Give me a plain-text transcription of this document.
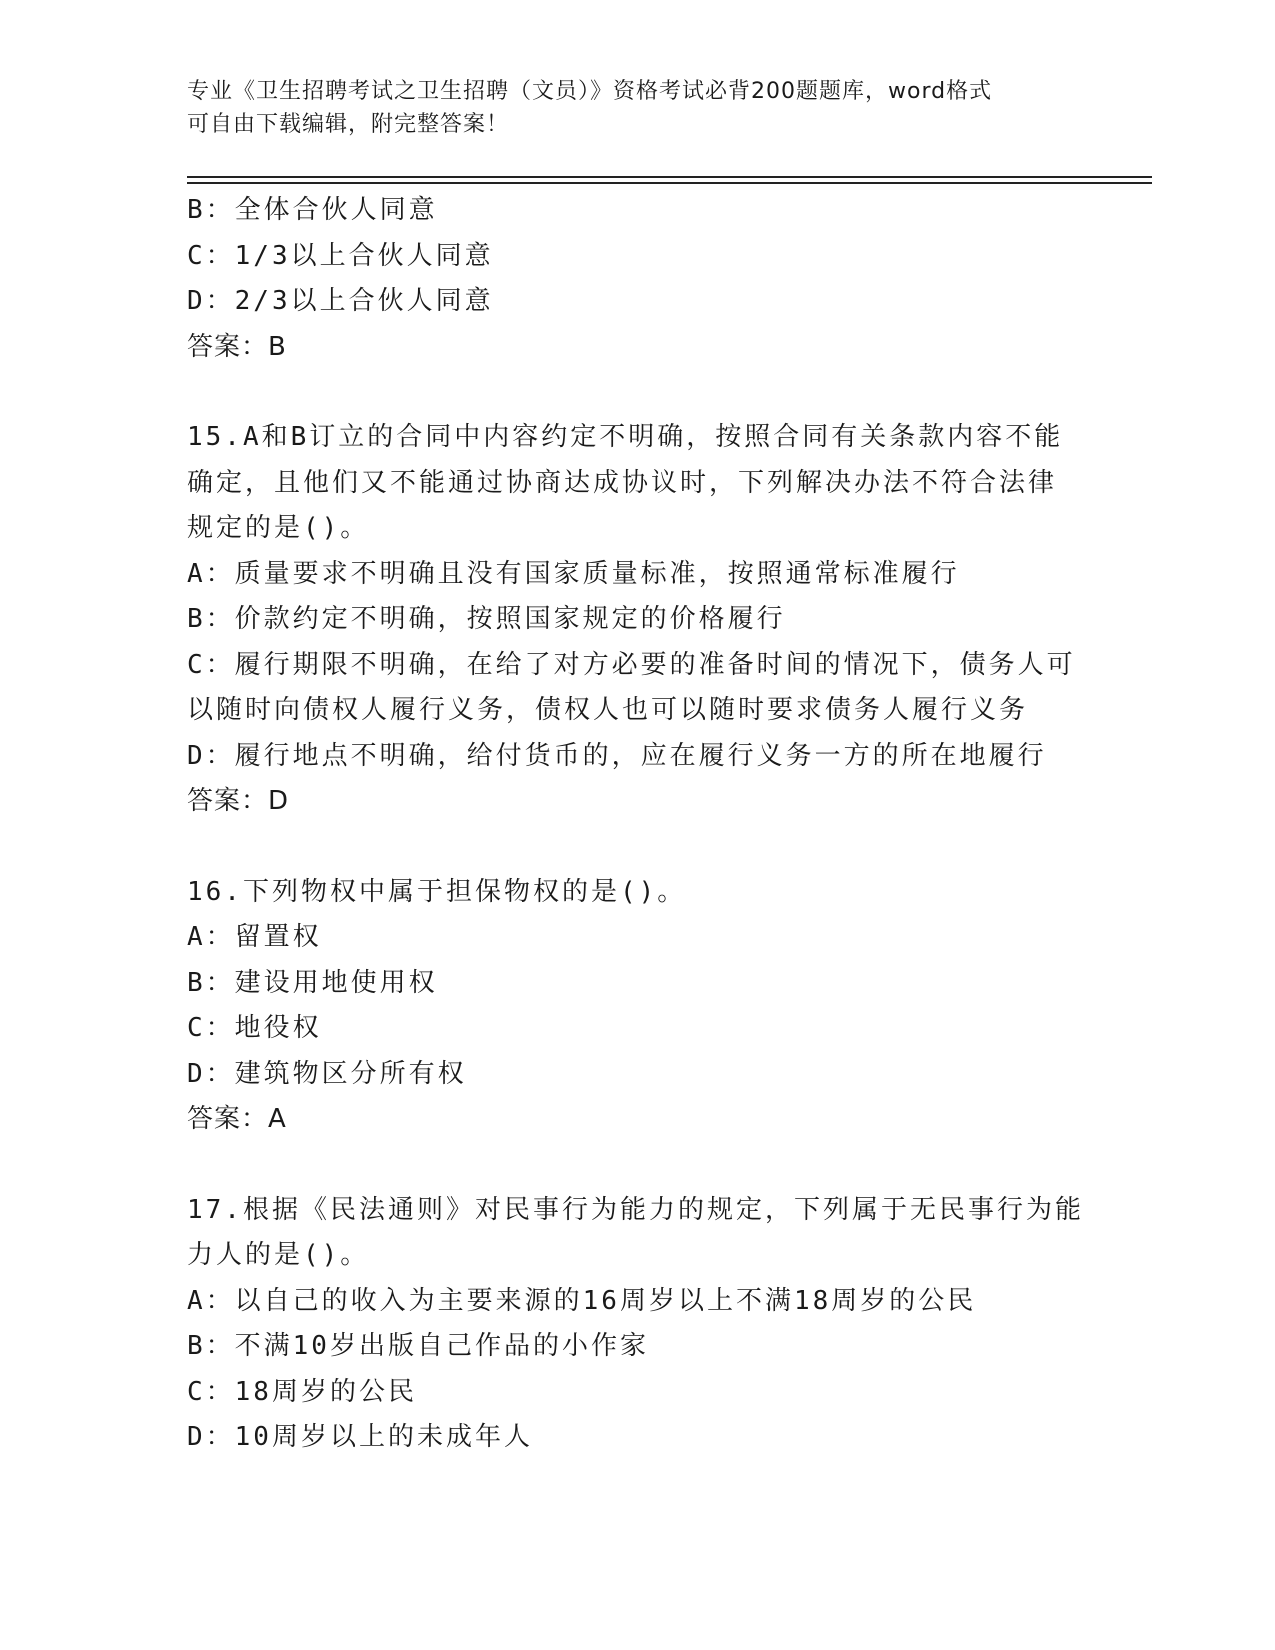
专业《卫生招聘考试之卫生招聘（文员）》资格考试必背200题题库，word格式

可自由下载编辑，附完整答案！

B：全体合伙人同意

C：1/3以上合伙人同意

D：2/3以上合伙人同意

答案：B

15.A和B订立的合同中内容约定不明确，按照合同有关条款内容不能

确定，且他们又不能通过协商达成协议时，下列解决办法不符合法律

规定的是()。

A：质量要求不明确且没有国家质量标准，按照通常标准履行

B：价款约定不明确，按照国家规定的价格履行

C：履行期限不明确，在给了对方必要的准备时间的情况下，债务人可

以随时向债权人履行义务，债权人也可以随时要求债务人履行义务

D：履行地点不明确，给付货币的，应在履行义务一方的所在地履行

答案：D

16.下列物权中属于担保物权的是()。

A：留置权

B：建设用地使用权

C：地役权

D：建筑物区分所有权

答案：A

17.根据《民法通则》对民事行为能力的规定，下列属于无民事行为能

力人的是()。

A：以自己的收入为主要来源的16周岁以上不满18周岁的公民

B：不满10岁出版自己作品的小作家

C：18周岁的公民

D：10周岁以上的未成年人
